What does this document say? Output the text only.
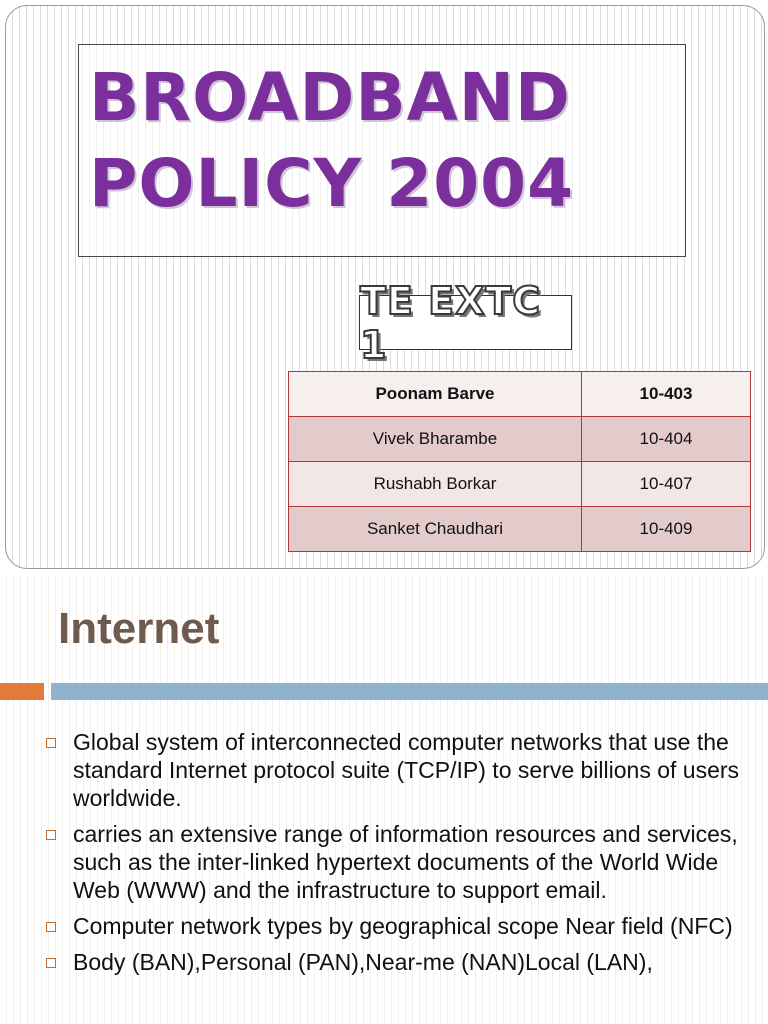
BROADBAND
POLICY 2004
TE EXTC 1
Poonam Barve	10-403
Vivek Bharambe	10-404
Rushabh Borkar	10-407
Sanket Chaudhari	10-409
Internet
Global system of interconnected computer networks that use the standard Internet protocol suite (TCP/IP) to serve billions of users worldwide.
carries an extensive range of information resources and services, such as the inter-linked hypertext documents of the World Wide Web (WWW) and the infrastructure to support email.
Computer network types by geographical scope Near field (NFC)
Body (BAN),Personal (PAN),Near-me (NAN)Local (LAN),
